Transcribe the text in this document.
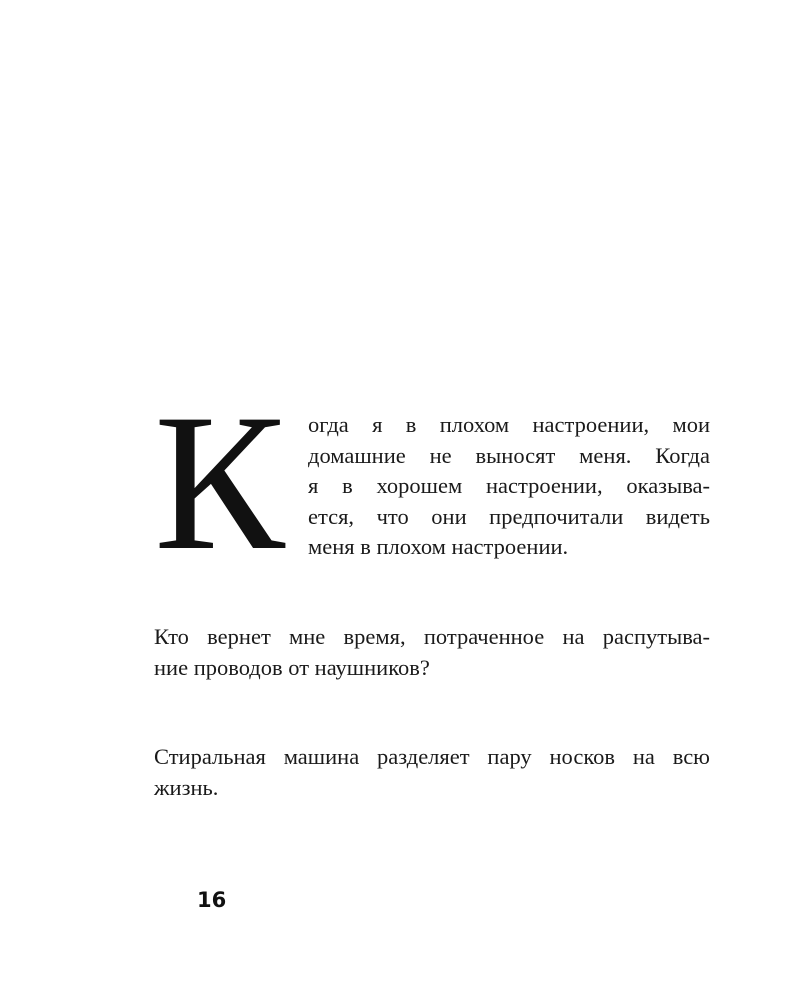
К	огда я в плохом настроении, мои
домашние не выносят меня. Когда
я в хорошем настроении, оказыва-
ется, что они предпочитали видеть
меня в плохом настроении.
Кто вернет мне время, потраченное на распутыва-
ние проводов от наушников?
Стиральная машина разделяет пару носков на всю
жизнь.
16
